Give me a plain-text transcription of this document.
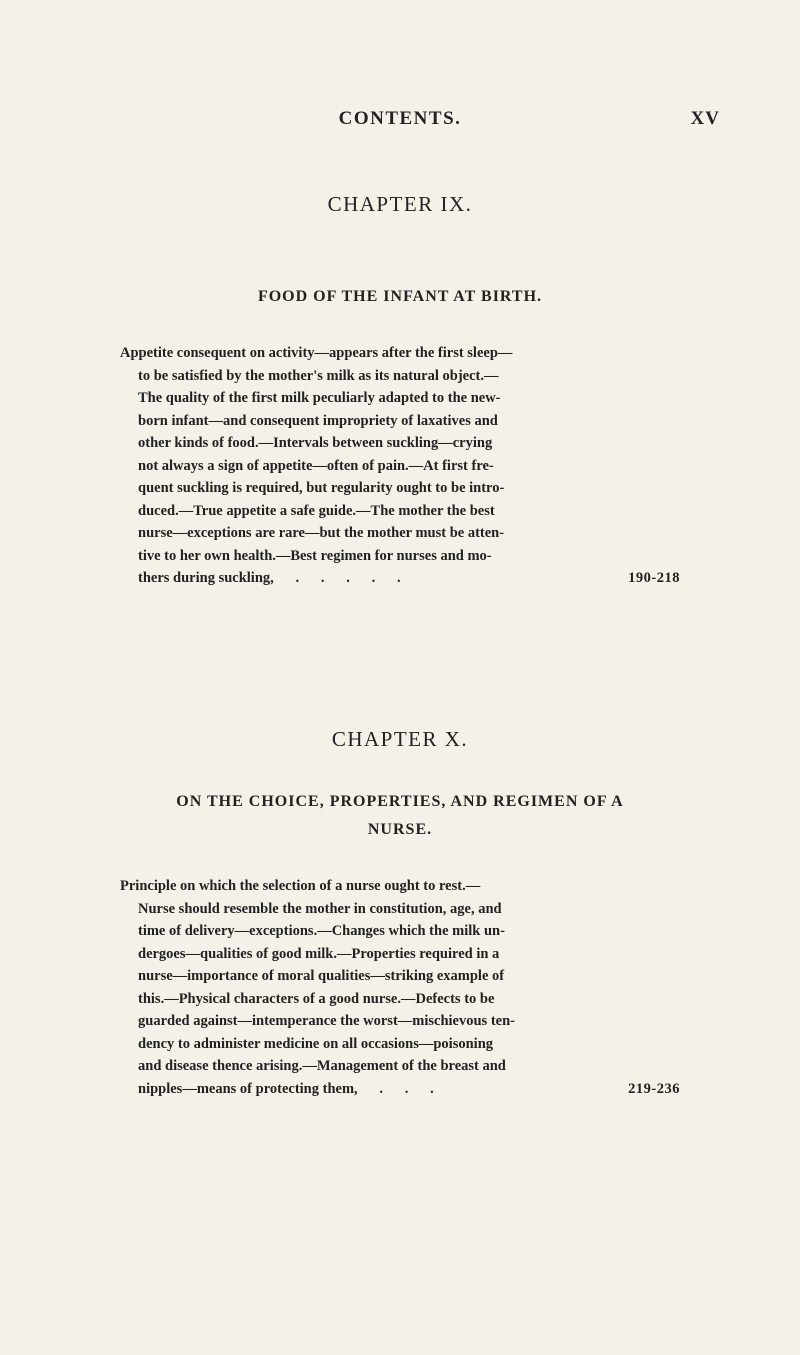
CONTENTS.	XV

CHAPTER IX.

FOOD OF THE INFANT AT BIRTH.

Appetite consequent on activity—appears after the first sleep—
to be satisfied by the mother's milk as its natural object.—
The quality of the first milk peculiarly adapted to the new-
born infant—and consequent impropriety of laxatives and
other kinds of food.—Intervals between suckling—crying
not always a sign of appetite—often of pain.—At first fre-
quent suckling is required, but regularity ought to be intro-
duced.—True appetite a safe guide.—The mother the best
nurse—exceptions are rare—but the mother must be atten-
tive to her own health.—Best regimen for nurses and mo-
thers during suckling,      .      .      .      .      .	190-218

CHAPTER X.

ON THE CHOICE, PROPERTIES, AND REGIMEN OF A

NURSE.

Principle on which the selection of a nurse ought to rest.—
Nurse should resemble the mother in constitution, age, and
time of delivery—exceptions.—Changes which the milk un-
dergoes—qualities of good milk.—Properties required in a
nurse—importance of moral qualities—striking example of
this.—Physical characters of a good nurse.—Defects to be
guarded against—intemperance the worst—mischievous ten-
dency to administer medicine on all occasions—poisoning
and disease thence arising.—Management of the breast and
nipples—means of protecting them,      .      .      .	219-236
